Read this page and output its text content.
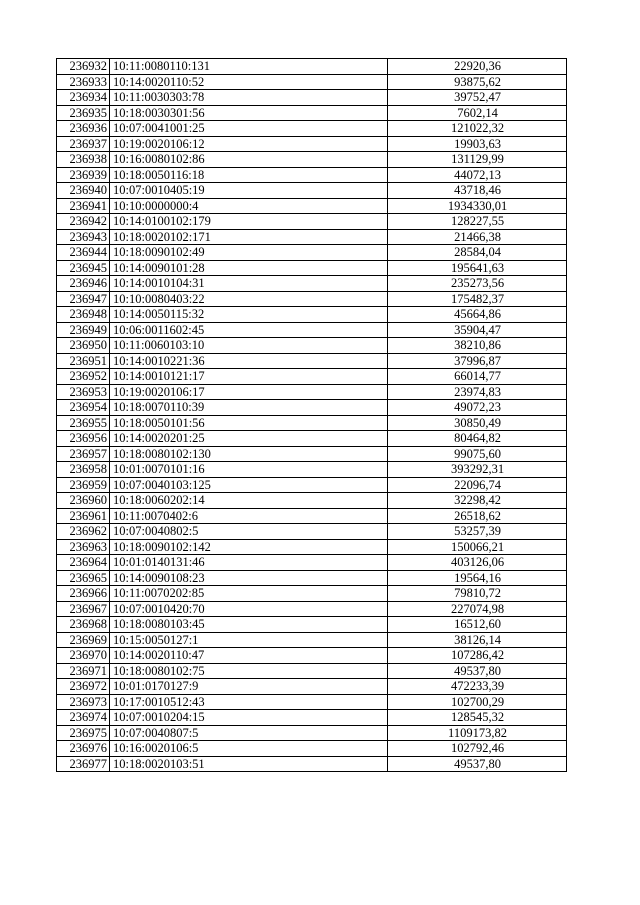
236932	10:11:0080110:131	22920,36
236933	10:14:0020110:52	93875,62
236934	10:11:0030303:78	39752,47
236935	10:18:0030301:56	7602,14
236936	10:07:0041001:25	121022,32
236937	10:19:0020106:12	19903,63
236938	10:16:0080102:86	131129,99
236939	10:18:0050116:18	44072,13
236940	10:07:0010405:19	43718,46
236941	10:10:0000000:4	1934330,01
236942	10:14:0100102:179	128227,55
236943	10:18:0020102:171	21466,38
236944	10:18:0090102:49	28584,04
236945	10:14:0090101:28	195641,63
236946	10:14:0010104:31	235273,56
236947	10:10:0080403:22	175482,37
236948	10:14:0050115:32	45664,86
236949	10:06:0011602:45	35904,47
236950	10:11:0060103:10	38210,86
236951	10:14:0010221:36	37996,87
236952	10:14:0010121:17	66014,77
236953	10:19:0020106:17	23974,83
236954	10:18:0070110:39	49072,23
236955	10:18:0050101:56	30850,49
236956	10:14:0020201:25	80464,82
236957	10:18:0080102:130	99075,60
236958	10:01:0070101:16	393292,31
236959	10:07:0040103:125	22096,74
236960	10:18:0060202:14	32298,42
236961	10:11:0070402:6	26518,62
236962	10:07:0040802:5	53257,39
236963	10:18:0090102:142	150066,21
236964	10:01:0140131:46	403126,06
236965	10:14:0090108:23	19564,16
236966	10:11:0070202:85	79810,72
236967	10:07:0010420:70	227074,98
236968	10:18:0080103:45	16512,60
236969	10:15:0050127:1	38126,14
236970	10:14:0020110:47	107286,42
236971	10:18:0080102:75	49537,80
236972	10:01:0170127:9	472233,39
236973	10:17:0010512:43	102700,29
236974	10:07:0010204:15	128545,32
236975	10:07:0040807:5	1109173,82
236976	10:16:0020106:5	102792,46
236977	10:18:0020103:51	49537,80
